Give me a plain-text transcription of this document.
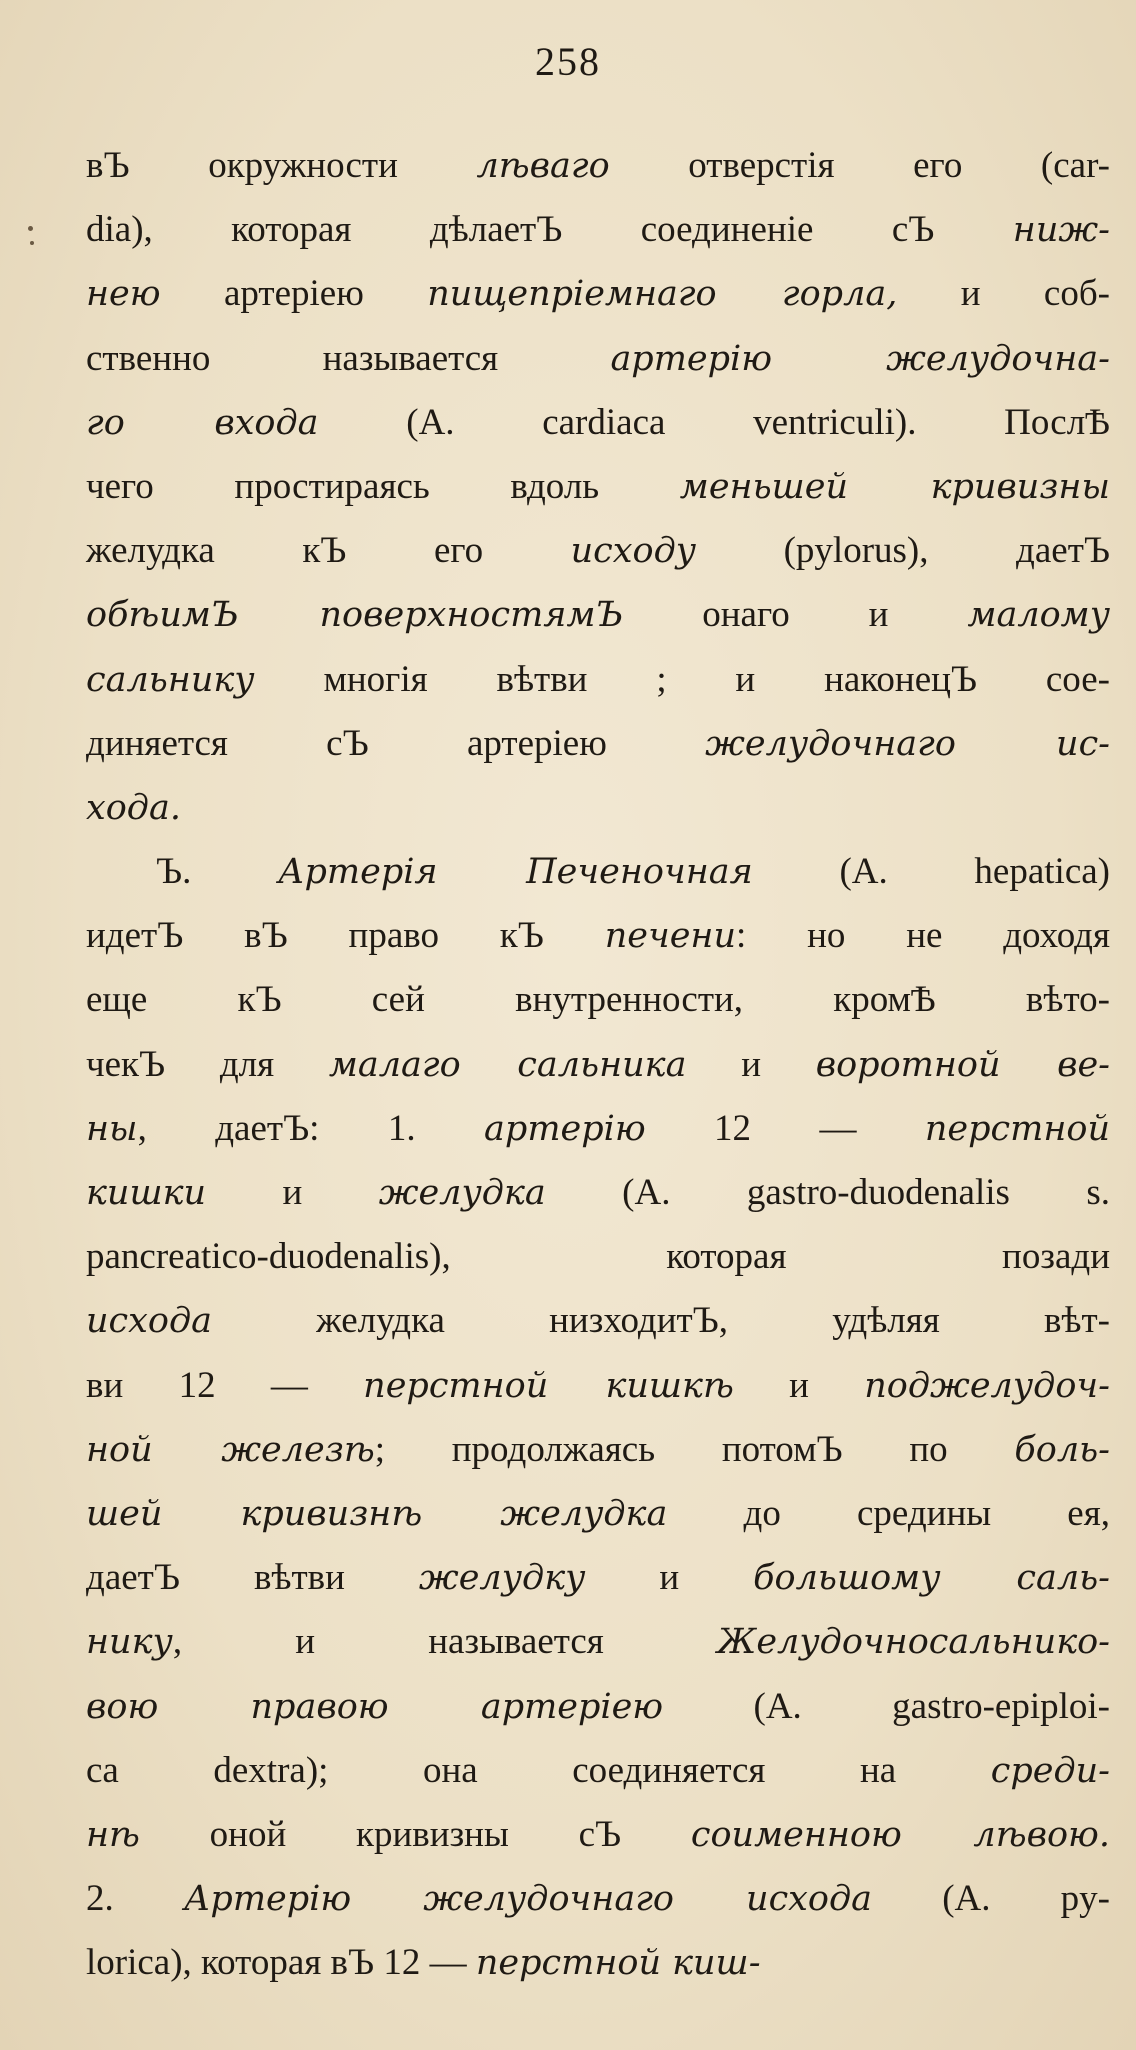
258
вЪ окружности лѣваго отверстія его (car-
dia), которая дѣлаетЪ соединеніе сЪ ниж-
нею артеріею пищепріемнаго горла, и соб-
ственно называется артерію желудочна-
го входа (A. cardiaca ventriculi). ПослѢ
чего простираясь вдоль меньшей кривизны
желудка кЪ его исходу (pylorus), даетЪ
обѣимЪ поверхностямЪ онаго и малому
сальнику многія вѣтви ; и наконецЪ сое-
диняется сЪ артеріею желудочнаго ис-
хода.
Ъ. Артерія Печеночная (A. hepatica)
идетЪ вЪ право кЪ печени: но не доходя
еще кЪ сей внутренности, кромѢ вѣто-
чекЪ для малаго сальника и воротной ве-
ны, даетЪ: 1. артерію 12 — перстной
кишки и желудка (A. gastro-duodenalis s.
pancreatico-duodenalis), которая позади
исхода желудка низходитЪ, удѣляя вѣт-
ви 12 — перстной кишкѣ и поджелудоч-
ной железѣ; продолжаясь потомЪ по боль-
шей кривизнѣ желудка до средины ея,
даетЪ вѣтви желудку и большому саль-
нику, и называется Желудочносальнико-
вою правою артеріею (A. gastro-epiploi-
ca dextra); она соединяется на среди-
нѣ оной кривизны сЪ соименною лѣвою.
2. Артерію желудочнаго исхода (A. py-
lorica), которая вЪ 12 — перстной киш-
